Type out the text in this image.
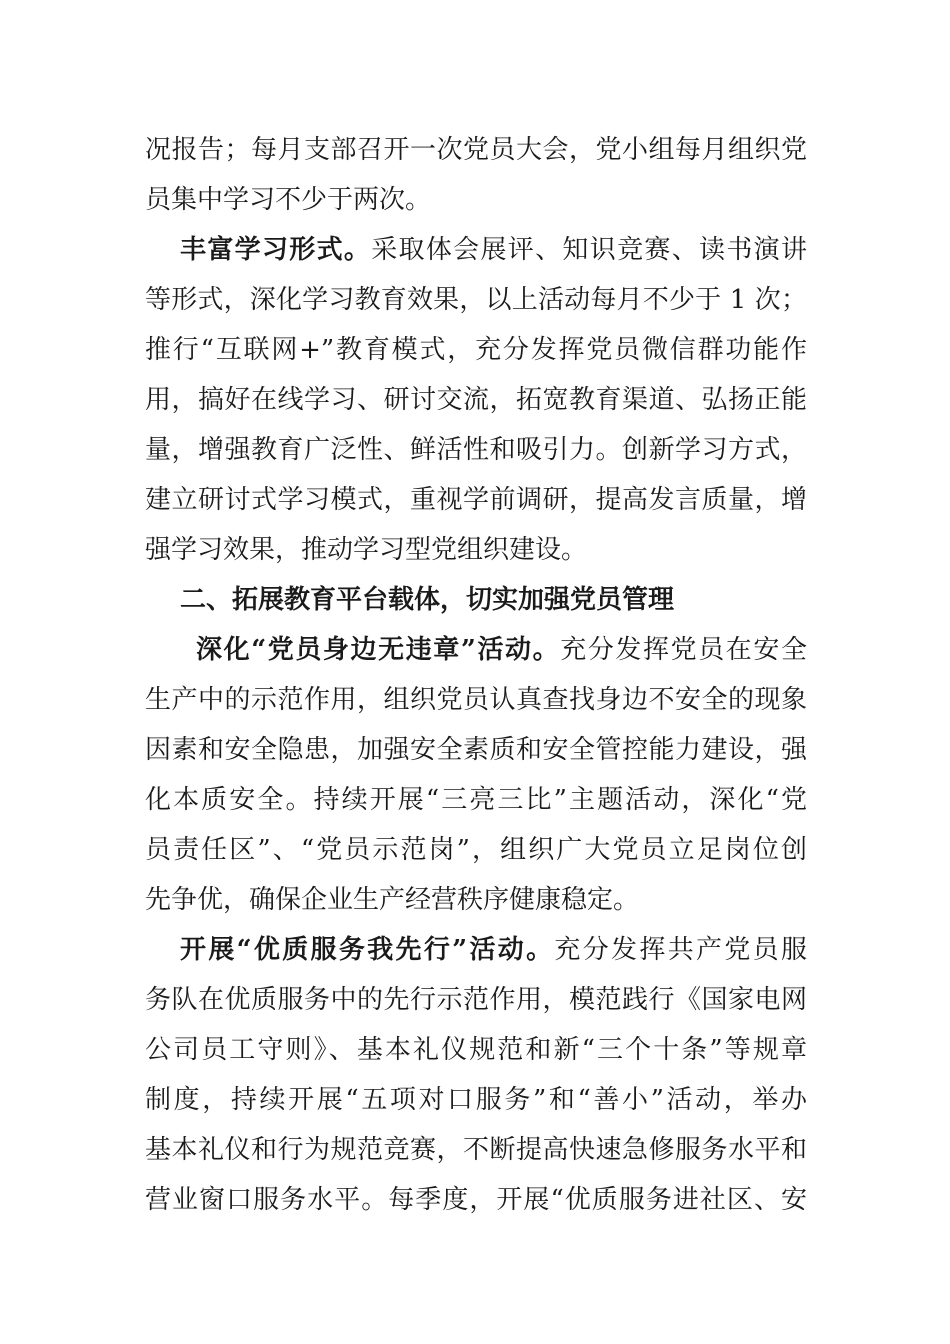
况报告；每月支部召开一次党员大会，党小组每月组织党
员集中学习不少于两次。
丰富学习形式。采取体会展评、知识竞赛、读书演讲
等形式，深化学习教育效果，以上活动每月不少于 1 次；
推行“互联网+”教育模式，充分发挥党员微信群功能作
用，搞好在线学习、研讨交流，拓宽教育渠道、弘扬正能
量，增强教育广泛性、鲜活性和吸引力。创新学习方式，
建立研讨式学习模式，重视学前调研，提高发言质量，增
强学习效果，推动学习型党组织建设。
二、拓展教育平台载体，切实加强党员管理
深化“党员身边无违章”活动。充分发挥党员在安全
生产中的示范作用，组织党员认真查找身边不安全的现象
因素和安全隐患，加强安全素质和安全管控能力建设，强
化本质安全。持续开展“三亮三比”主题活动，深化“党
员责任区”、“党员示范岗”，组织广大党员立足岗位创
先争优，确保企业生产经营秩序健康稳定。
开展“优质服务我先行”活动。充分发挥共产党员服
务队在优质服务中的先行示范作用，模范践行《国家电网
公司员工守则》、基本礼仪规范和新“三个十条”等规章
制度，持续开展“五项对口服务”和“善小”活动，举办
基本礼仪和行为规范竞赛，不断提高快速急修服务水平和
营业窗口服务水平。每季度，开展“优质服务进社区、安
